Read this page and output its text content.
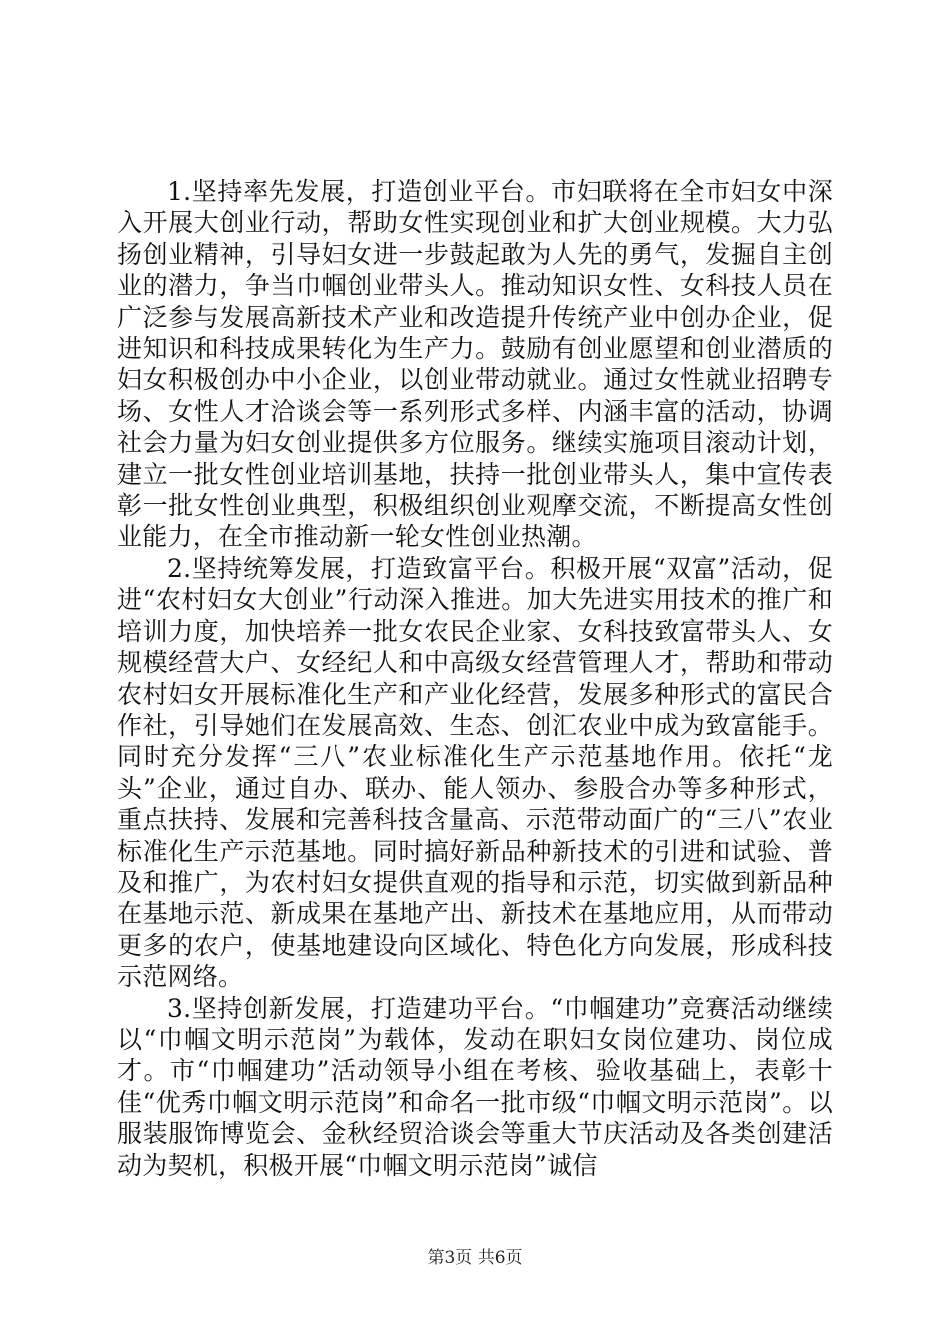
1.坚持率先发展，打造创业平台。市妇联将在全市妇女中深入开展大创业行动，帮助女性实现创业和扩大创业规模。大力弘扬创业精神，引导妇女进一步鼓起敢为人先的勇气，发掘自主创业的潜力，争当巾帼创业带头人。推动知识女性、女科技人员在广泛参与发展高新技术产业和改造提升传统产业中创办企业，促进知识和科技成果转化为生产力。鼓励有创业愿望和创业潜质的妇女积极创办中小企业，以创业带动就业。通过女性就业招聘专场、女性人才洽谈会等一系列形式多样、内涵丰富的活动，协调社会力量为妇女创业提供多方位服务。继续实施项目滚动计划，建立一批女性创业培训基地，扶持一批创业带头人，集中宣传表彰一批女性创业典型，积极组织创业观摩交流，不断提高女性创业能力，在全市推动新一轮女性创业热潮。

2.坚持统筹发展，打造致富平台。积极开展“双富”活动，促进“农村妇女大创业”行动深入推进。加大先进实用技术的推广和培训力度，加快培养一批女农民企业家、女科技致富带头人、女规模经营大户、女经纪人和中高级女经营管理人才，帮助和带动农村妇女开展标准化生产和产业化经营，发展多种形式的富民合作社，引导她们在发展高效、生态、创汇农业中成为致富能手。同时充分发挥“三八”农业标准化生产示范基地作用。依托“龙头”企业，通过自办、联办、能人领办、参股合办等多种形式，重点扶持、发展和完善科技含量高、示范带动面广的“三八”农业标准化生产示范基地。同时搞好新品种新技术的引进和试验、普及和推广，为农村妇女提供直观的指导和示范，切实做到新品种在基地示范、新成果在基地产出、新技术在基地应用，从而带动更多的农户，使基地建设向区域化、特色化方向发展，形成科技示范网络。

3.坚持创新发展，打造建功平台。“巾帼建功”竞赛活动继续以“巾帼文明示范岗”为载体，发动在职妇女岗位建功、岗位成才。市“巾帼建功”活动领导小组在考核、验收基础上，表彰十佳“优秀巾帼文明示范岗”和命名一批市级“巾帼文明示范岗”。以服装服饰博览会、金秋经贸洽谈会等重大节庆活动及各类创建活动为契机，积极开展“巾帼文明示范岗”诚信

第3页 共6页
